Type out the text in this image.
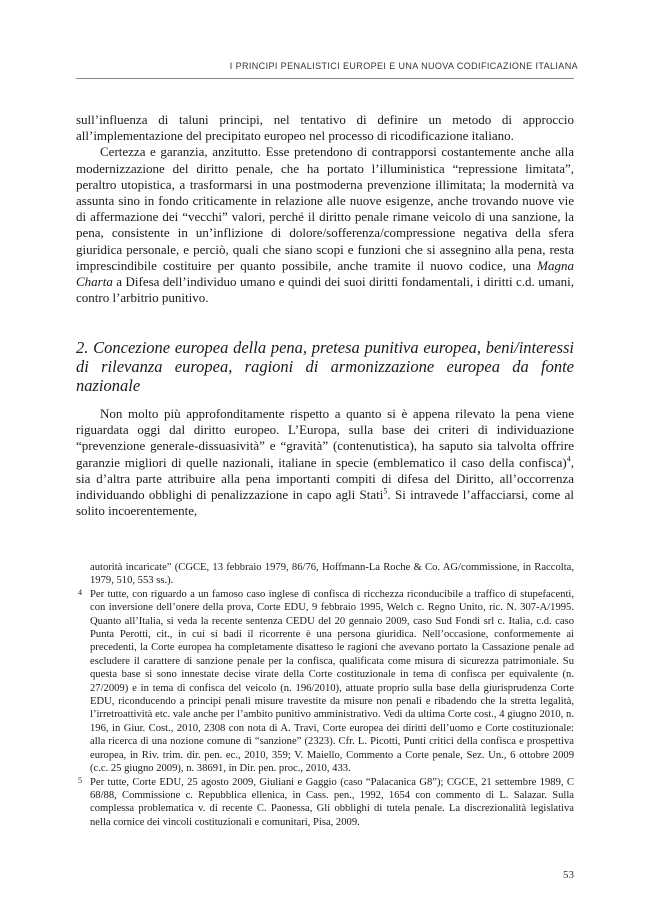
I PRINCIPI PENALISTICI EUROPEI E UNA NUOVA CODIFICAZIONE ITALIANA

sull’influenza di taluni principi, nel tentativo di definire un metodo di approccio all’implementazione del precipitato europeo nel processo di ricodificazione italiano.

Certezza e garanzia, anzitutto. Esse pretendono di contrapporsi costantemente anche alla modernizzazione del diritto penale, che ha portato l’illuministica “repressione limitata”, peraltro utopistica, a trasformarsi in una postmoderna prevenzione illimitata; la modernità va assunta sino in fondo criticamente in relazione alle nuove esigenze, anche trovando nuove vie di affermazione dei “vecchi” valori, perché il diritto penale rimane veicolo di una sanzione, la pena, consistente in un’inflizione di dolore/sofferenza/compressione negativa della sfera giuridica personale, e perciò, quali che siano scopi e funzioni che si assegnino alla pena, resta imprescindibile costituire per quanto possibile, anche tramite il nuovo codice, una Magna Charta a Difesa dell’individuo umano e quindi dei suoi diritti fondamentali, i diritti c.d. umani, contro l’arbitrio punitivo.

2. Concezione europea della pena, pretesa punitiva europea, beni/interessi di rilevanza europea, ragioni di armonizzazione europea da fonte nazionale

Non molto più approfonditamente rispetto a quanto si è appena rilevato la pena viene riguardata oggi dal diritto europeo. L’Europa, sulla base dei criteri di individuazione “prevenzione generale-dissuasività” e “gravità” (contenutistica), ha saputo sia talvolta offrire garanzie migliori di quelle nazionali, italiane in specie (emblematico il caso della confisca)$^4$, sia d’altra parte attribuire alla pena importanti compiti di difesa del Diritto, all’occorrenza individuando obblighi di penalizzazione in capo agli Stati$^5$. Si intravede l’affacciarsi, come al solito incoerentemente,

autorità incaricate” (CGCE, 13 febbraio 1979, 86/76, Hoffmann-La Roche & Co. AG/commissione, in Raccolta, 1979, 510, 553 ss.).

4 Per tutte, con riguardo a un famoso caso inglese di confisca di ricchezza riconducibile a traffico di stupefacenti, con inversione dell’onere della prova, Corte EDU, 9 febbraio 1995, Welch c. Regno Unito, ric. N. 307-A/1995. Quanto all’Italia, si veda la recente sentenza CEDU del 20 gennaio 2009, caso Sud Fondi srl c. Italia, c.d. caso Punta Perotti, cit., in cui si badi il ricorrente è una persona giuridica. Nell’occasione, conformemente ai precedenti, la Corte europea ha completamente disatteso le ragioni che avevano portato la Cassazione penale ad escludere il carattere di sanzione penale per la confisca, qualificata come misura di sicurezza patrimoniale. Su questa base si sono innestate decise virate della Corte costituzionale in tema di confisca per equivalente (n. 27/2009) e in tema di confisca del veicolo (n. 196/2010), attuate proprio sulla base della giurisprudenza Corte EDU, riconducendo a principi penali misure travestite da misure non penali e ribadendo che la stretta legalità, l’irretroattività etc. vale anche per l’ambito punitivo amministrativo. Vedi da ultima Corte cost., 4 giugno 2010, n. 196, in Giur. Cost., 2010, 2308 con nota di A. Travi, Corte europea dei diritti dell’uomo e Corte costituzionale: alla ricerca di una nozione comune di “sanzione” (2323). Cfr. L. Picotti, Punti critici della confisca e prospettiva europea, in Riv. trim. dir. pen. ec., 2010, 359; V. Maiello, Commento a Corte penale, Sez. Un., 6 ottobre 2009 (c.c. 25 giugno 2009), n. 38691, in Dir. pen. proc., 2010, 433.

5 Per tutte, Corte EDU, 25 agosto 2009, Giuliani e Gaggio (caso “Palacanica G8”); CGCE, 21 settembre 1989, C 68/88, Commissione c. Repubblica ellenica, in Cass. pen., 1992, 1654 con commento di L. Salazar. Sulla complessa problematica v. di recente C. Paonessa, Gli obblighi di tutela penale. La discrezionalità legislativa nella cornice dei vincoli costituzionali e comunitari, Pisa, 2009.

53
